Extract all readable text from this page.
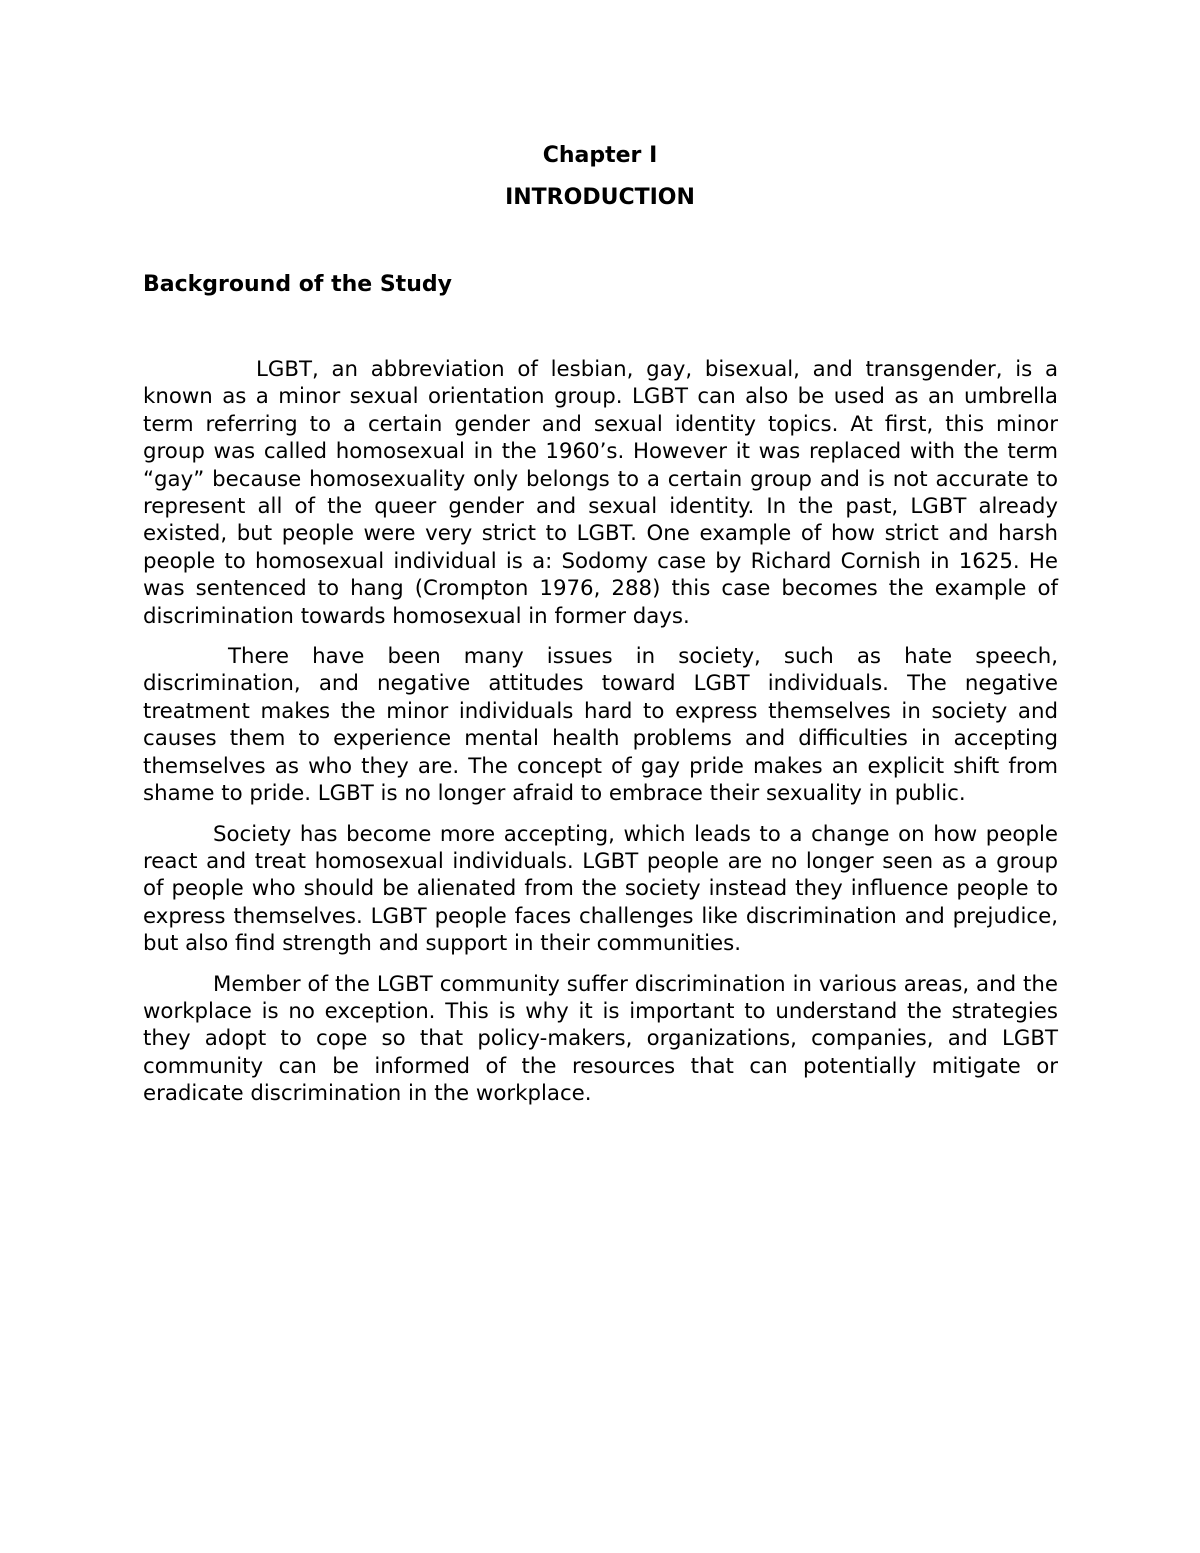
Chapter I
INTRODUCTION
Background of the Study

LGBT, an abbreviation of lesbian, gay, bisexual, and transgender, is a known as a minor sexual orientation group. LGBT can also be used as an umbrella term referring to a certain gender and sexual identity topics. At first, this minor group was called homosexual in the 1960’s. However it was replaced with the term “gay” because homosexuality only belongs to a certain group and is not accurate to represent all of the queer gender and sexual identity. In the past, LGBT already existed, but people were very strict to LGBT. One example of how strict and harsh people to homosexual individual is a: Sodomy case by Richard Cornish in 1625. He was sentenced to hang (Crompton 1976, 288) this case becomes the example of discrimination towards homosexual in former days.

There have been many issues in society, such as hate speech, discrimination, and negative attitudes toward LGBT individuals. The negative treatment makes the minor individuals hard to express themselves in society and causes them to experience mental health problems and difficulties in accepting themselves as who they are. The concept of gay pride makes an explicit shift from shame to pride. LGBT is no longer afraid to embrace their sexuality in public.

Society has become more accepting, which leads to a change on how people react and treat homosexual individuals. LGBT people are no longer seen as a group of people who should be alienated from the society instead they influence people to express themselves. LGBT people faces challenges like discrimination and prejudice, but also find strength and support in their communities.

Member of the LGBT community suffer discrimination in various areas, and the workplace is no exception. This is why it is important to understand the strategies they adopt to cope so that policy-makers, organizations, companies, and LGBT community can be informed of the resources that can potentially mitigate or eradicate discrimination in the workplace.
